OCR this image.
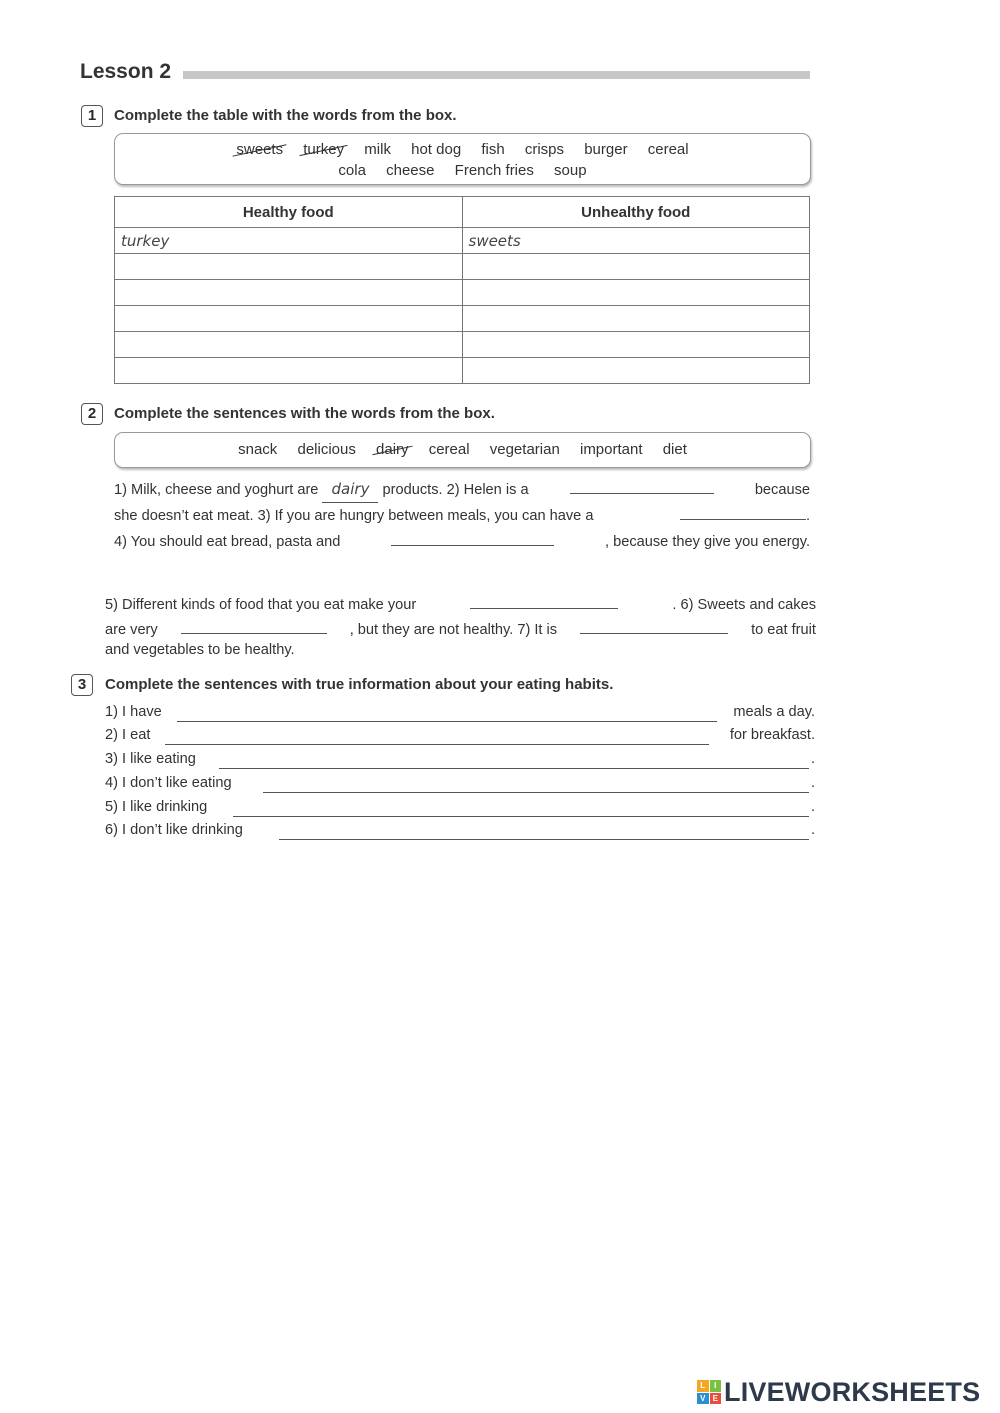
Lesson 2
1	Complete the table with the words from the box.
sweets turkey milk hot dog fish crisps burger cereal
cola cheese French fries soup
Healthy food	Unhealthy food
turkey	sweets

2	Complete the sentences with the words from the box.
snack delicious dairy cereal vegetarian important diet
1) Milk, cheese and yoghurt are dairy products. 2) Helen is a	because
she doesn’t eat meat. 3) If you are hungry between meals, you can have a	.
4) You should eat bread, pasta and	, because they give you energy.
5) Different kinds of food that you eat make your	. 6) Sweets and cakes
are very	, but they are not healthy. 7) It is	to eat fruit
and vegetables to be healthy.
3	Complete the sentences with true information about your eating habits.
1) I have	meals a day.
2) I eat	for breakfast.
3) I like eating	.
4) I don’t like eating	.
5) I like drinking	.
6) I don’t like drinking	.
L	I
V E LIVEWORKSHEETS
